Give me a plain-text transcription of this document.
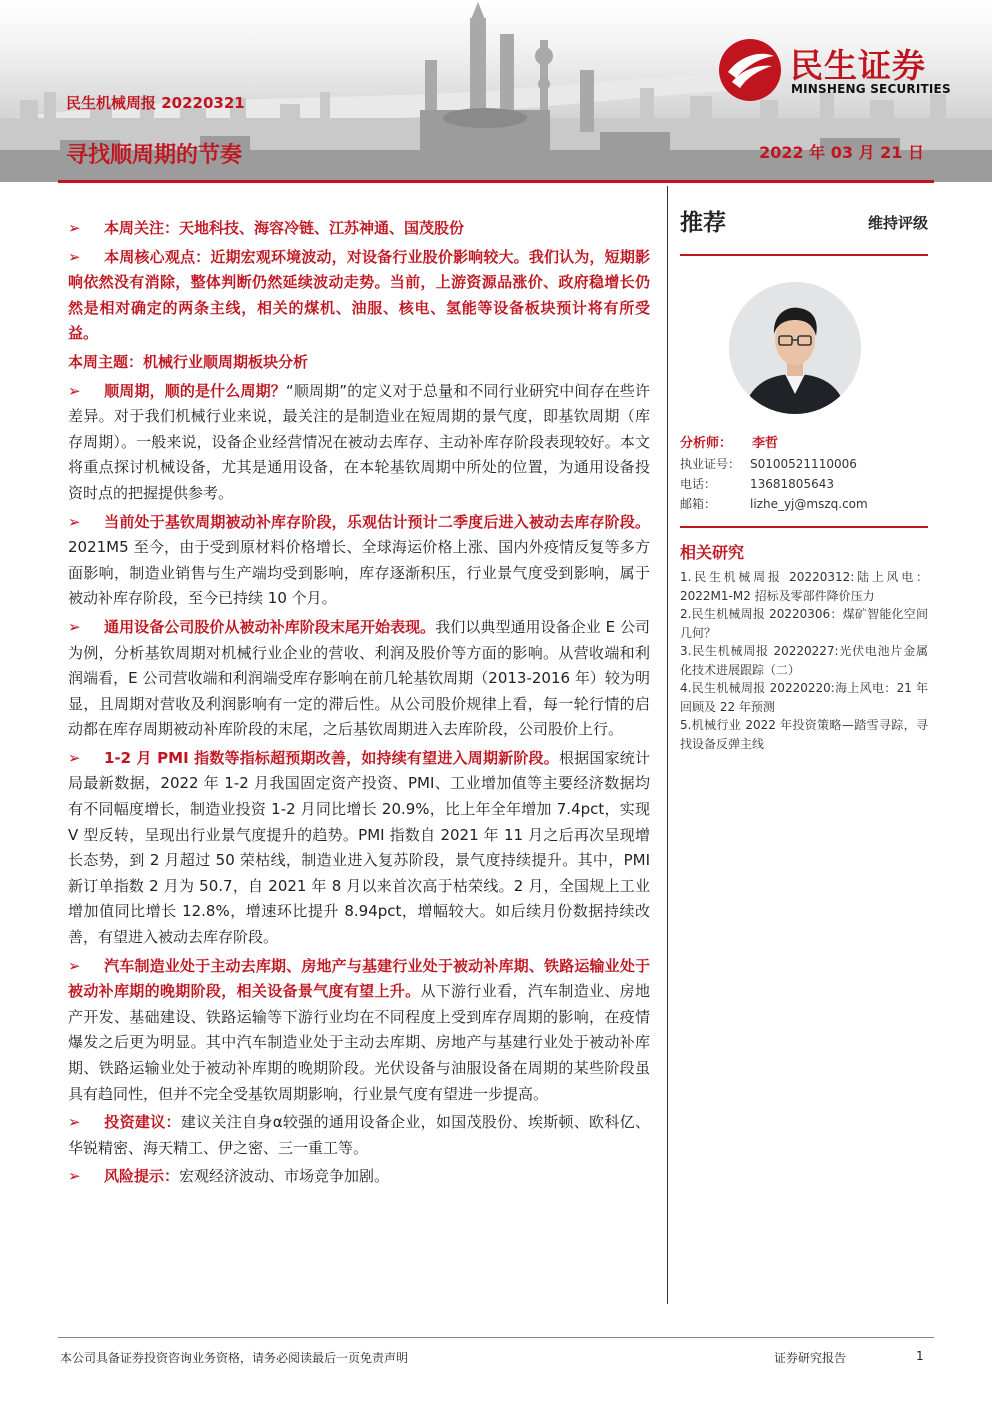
民生证券
MINSHENG SECURITIES
民生机械周报 20220321
寻找顺周期的节奏	2022 年 03 月 21 日

➢ 本周关注：天地科技、海容冷链、江苏神通、国茂股份

➢ 本周核心观点：近期宏观环境波动，对设备行业股价影响较大。我们认为，短期影响依然没有消除，整体判断仍然延续波动走势。当前，上游资源品涨价、政府稳增长仍然是相对确定的两条主线，相关的煤机、油服、核电、氢能等设备板块预计将有所受益。

本周主题：机械行业顺周期板块分析

➢ 顺周期，顺的是什么周期？“顺周期”的定义对于总量和不同行业研究中间存在些许差异。对于我们机械行业来说，最关注的是制造业在短周期的景气度，即基钦周期（库存周期）。一般来说，设备企业经营情况在被动去库存、主动补库存阶段表现较好。本文将重点探讨机械设备，尤其是通用设备，在本轮基钦周期中所处的位置，为通用设备投资时点的把握提供参考。

➢ 当前处于基钦周期被动补库存阶段，乐观估计预计二季度后进入被动去库存阶段。2021M5 至今，由于受到原材料价格增长、全球海运价格上涨、国内外疫情反复等多方面影响，制造业销售与生产端均受到影响，库存逐渐积压，行业景气度受到影响，属于被动补库存阶段，至今已持续 10 个月。

➢ 通用设备公司股价从被动补库阶段末尾开始表现。我们以典型通用设备企业 E 公司为例，分析基钦周期对机械行业企业的营收、利润及股价等方面的影响。从营收端和利润端看，E 公司营收端和利润端受库存影响在前几轮基钦周期（2013-2016 年）较为明显，且周期对营收及利润影响有一定的滞后性。从公司股价规律上看，每一轮行情的启动都在库存周期被动补库阶段的末尾，之后基钦周期进入去库阶段，公司股价上行。

➢ 1-2 月 PMI 指数等指标超预期改善，如持续有望进入周期新阶段。根据国家统计局最新数据，2022 年 1-2 月我国固定资产投资、PMI、工业增加值等主要经济数据均有不同幅度增长，制造业投资 1-2 月同比增长 20.9%，比上年全年增加 7.4pct，实现 V 型反转，呈现出行业景气度提升的趋势。PMI 指数自 2021 年 11 月之后再次呈现增长态势，到 2 月超过 50 荣枯线，制造业进入复苏阶段，景气度持续提升。其中，PMI 新订单指数 2 月为 50.7，自 2021 年 8 月以来首次高于枯荣线。2 月，全国规上工业增加值同比增长 12.8%，增速环比提升 8.94pct，增幅较大。如后续月份数据持续改善，有望进入被动去库存阶段。

➢ 汽车制造业处于主动去库期、房地产与基建行业处于被动补库期、铁路运输业处于被动补库期的晚期阶段，相关设备景气度有望上升。从下游行业看，汽车制造业、房地产开发、基础建设、铁路运输等下游行业均在不同程度上受到库存周期的影响，在疫情爆发之后更为明显。其中汽车制造业处于主动去库期、房地产与基建行业处于被动补库期、铁路运输业处于被动补库期的晚期阶段。光伏设备与油服设备在周期的某些阶段虽具有趋同性，但并不完全受基钦周期影响，行业景气度有望进一步提高。

➢ 投资建议：建议关注自身α较强的通用设备企业，如国茂股份、埃斯顿、欧科亿、华锐精密、海天精工、伊之密、三一重工等。

➢ 风险提示：宏观经济波动、市场竞争加剧。

推荐	维持评级
分析师： 李哲
执业证号： S0100521110006
电话：	13681805643
邮箱：	lizhe_yj@mszq.com
相关研究
1.民生机械周报 20220312:陆上风电：2022M1-M2 招标及零部件降价压力
2.民生机械周报 20220306：煤矿智能化空间几何？
3.民生机械周报 20220227:光伏电池片金属化技术进展跟踪（二）
4.民生机械周报 20220220:海上风电：21 年回顾及 22 年预测
5.机械行业 2022 年投资策略—踏雪寻踪，寻找设备反弹主线
本公司具备证券投资咨询业务资格，请务必阅读最后一页免责声明	证券研究报告	1
